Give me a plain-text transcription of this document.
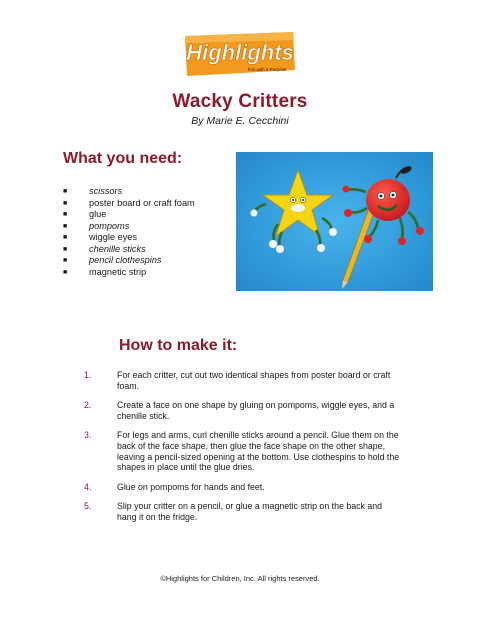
Highlights
Fun with a Purpose
Wacky Critters
By Marie E. Cecchini
What you need:
■	scissors
■	poster board or craft foam
■	glue
■	pompoms
■	wiggle eyes
■	chenille sticks
■	pencil clothespins
■	magnetic strip
How to make it:
1.	For each critter, cut out two identical shapes from poster board or craft foam.
2.	Create a face on one shape by gluing on pompoms, wiggle eyes, and a chenille stick.
3.	For legs and arms, curl chenille sticks around a pencil. Glue them on the back of the face shape, then glue the face shape on the other shape, leaving a pencil-sized opening at the bottom. Use clothespins to hold the shapes in place until the glue dries.
4.	Glue on pompoms for hands and feet.
5.	Slip your critter on a pencil, or glue a magnetic strip on the back and hang it on the fridge.
©Highlights for Children, Inc. All rights reserved.
